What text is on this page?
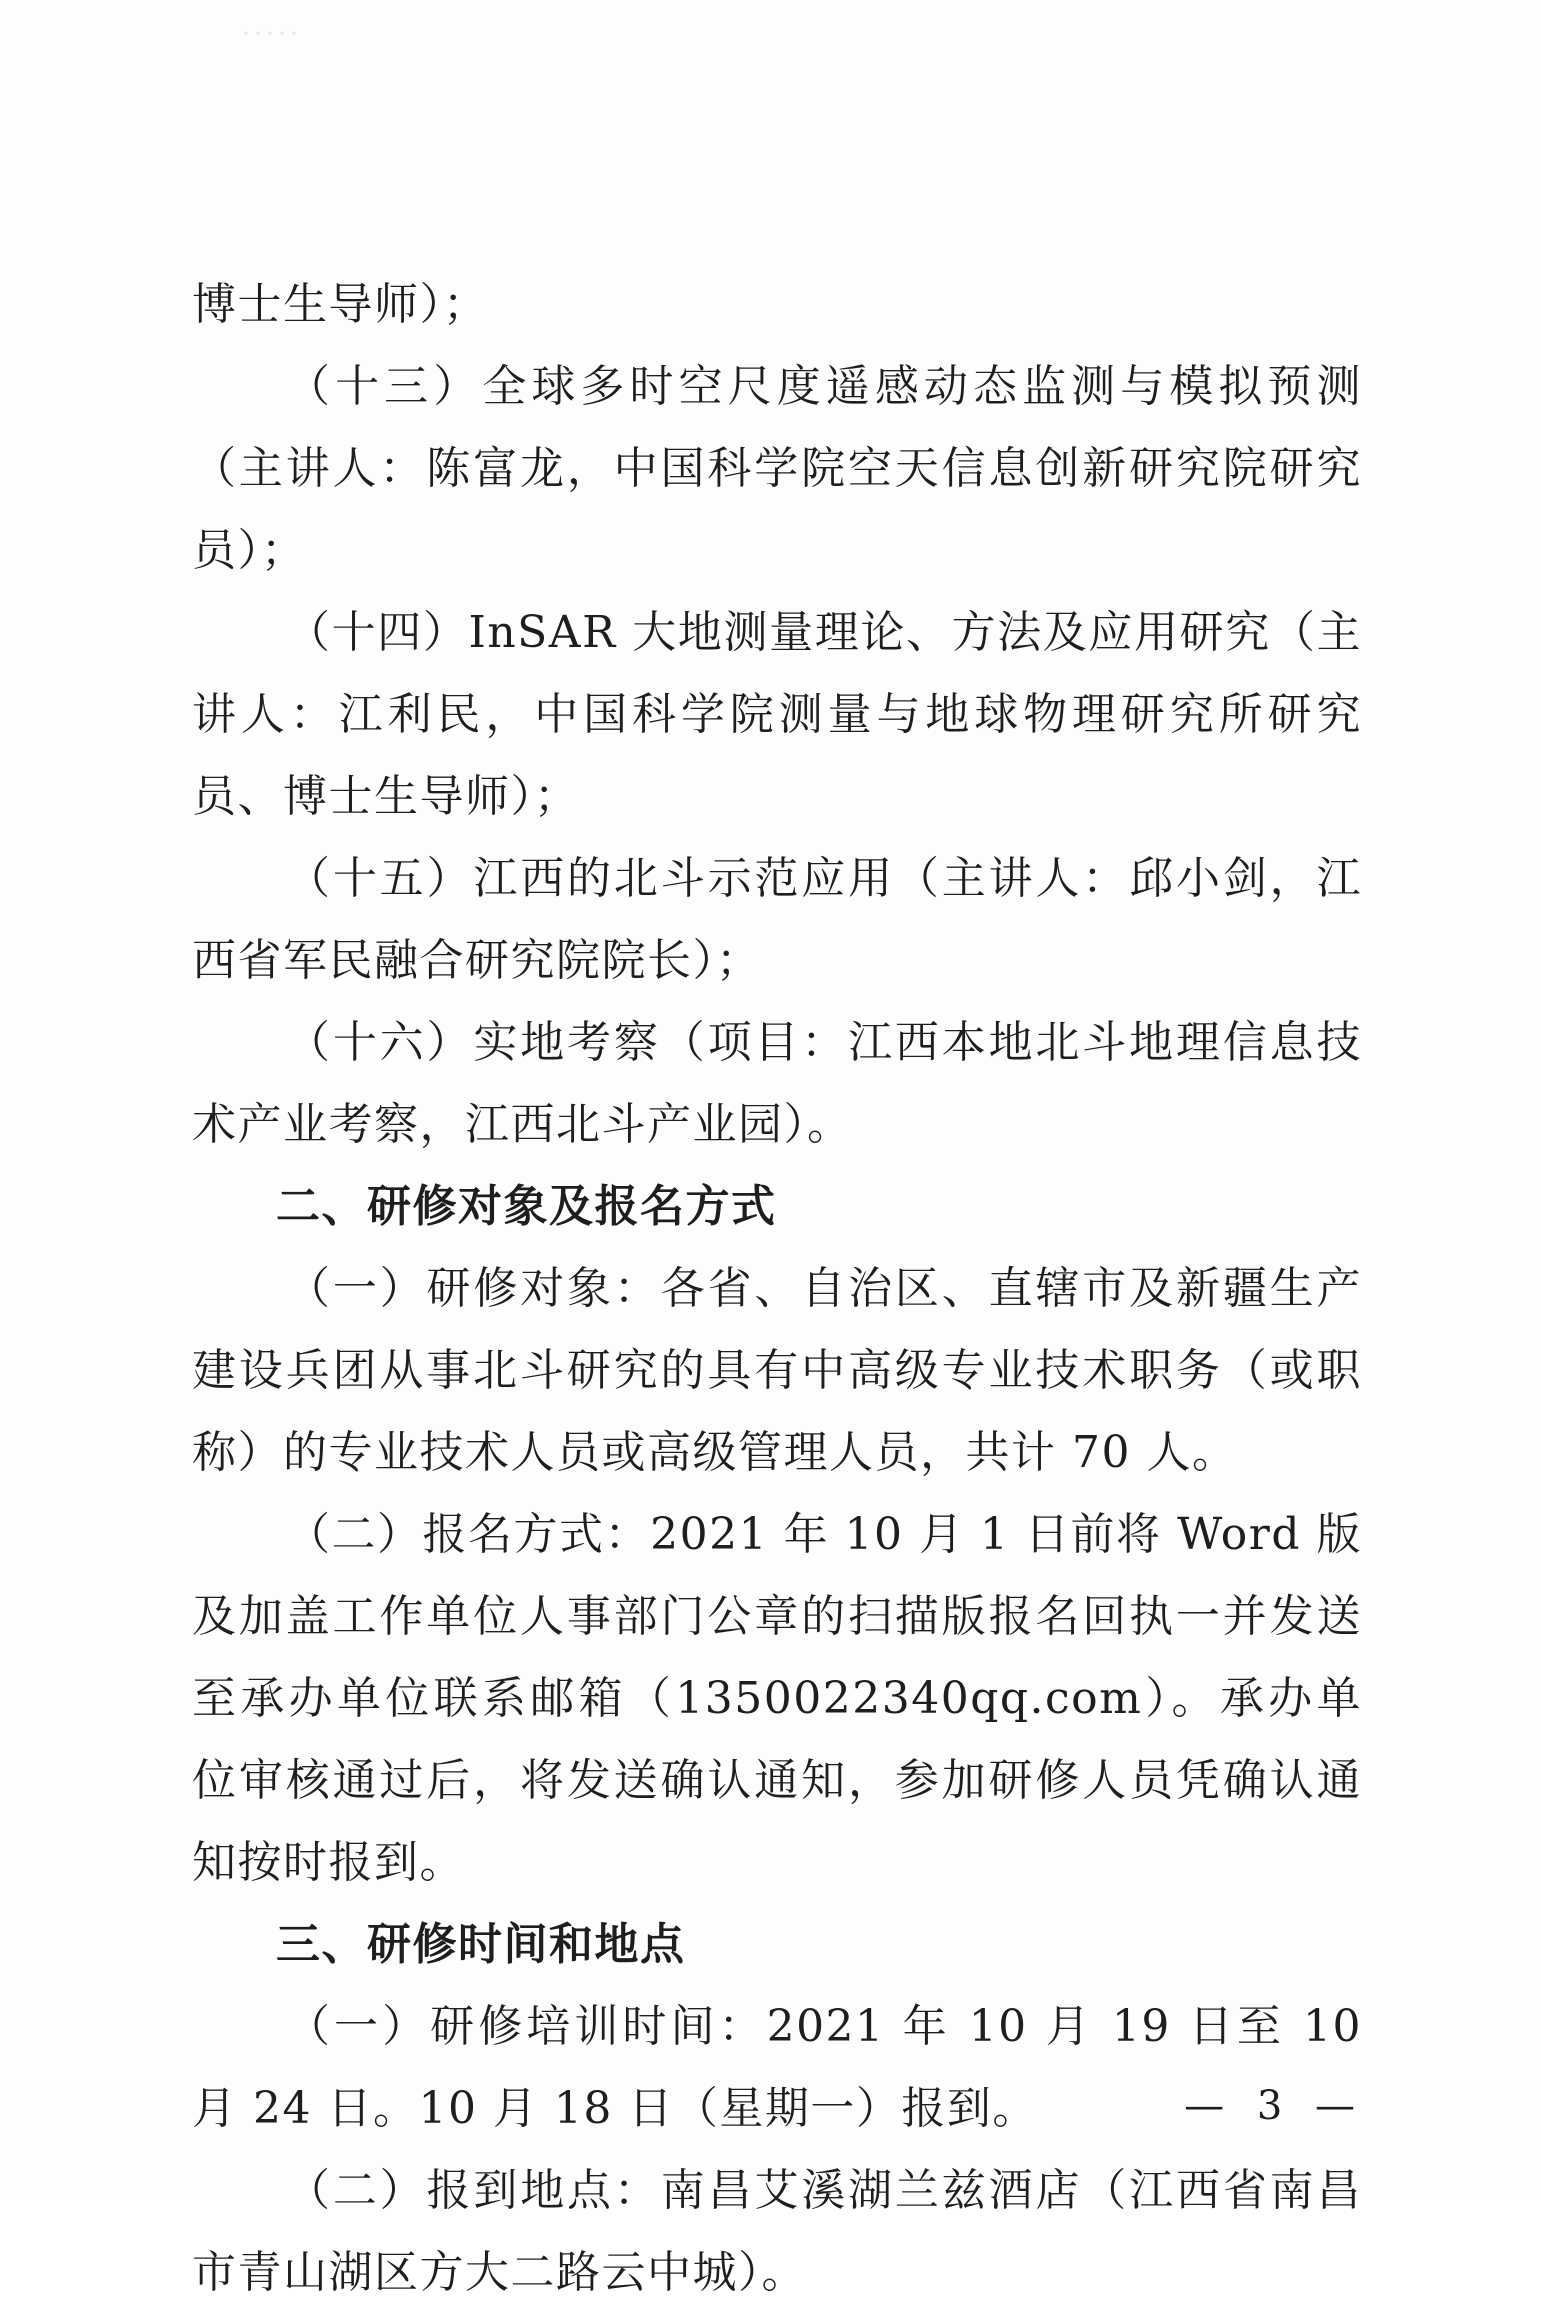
博士生导师）；

（十三）全球多时空尺度遥感动态监测与模拟预测（主讲人：陈富龙，中国科学院空天信息创新研究院研究员）；

（十四）InSAR 大地测量理论、方法及应用研究（主讲人：江利民，中国科学院测量与地球物理研究所研究员、博士生导师）；

（十五）江西的北斗示范应用（主讲人：邱小剑，江西省军民融合研究院院长）；

（十六）实地考察（项目：江西本地北斗地理信息技术产业考察，江西北斗产业园）。

二、研修对象及报名方式

（一）研修对象：各省、自治区、直辖市及新疆生产建设兵团从事北斗研究的具有中高级专业技术职务（或职称）的专业技术人员或高级管理人员，共计 70 人。

（二）报名方式：2021 年 10 月 1 日前将 Word 版及加盖工作单位人事部门公章的扫描版报名回执一并发送至承办单位联系邮箱（1350022340qq.com）。承办单位审核通过后，将发送确认通知，参加研修人员凭确认通知按时报到。

三、研修时间和地点

（一）研修培训时间：2021 年 10 月 19 日至 10 月 24 日。10 月 18 日（星期一）报到。

（二）报到地点：南昌艾溪湖兰兹酒店（江西省南昌市青山湖区方大二路云中城）。

— 3 —
